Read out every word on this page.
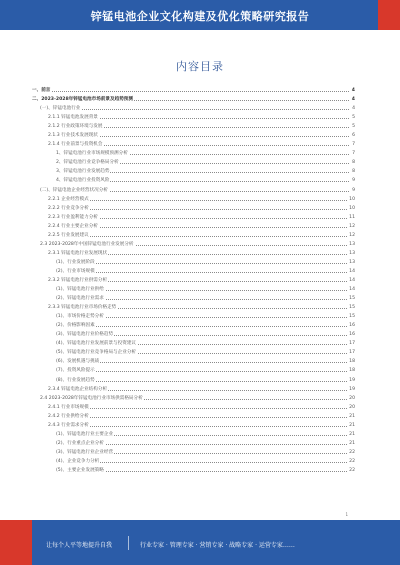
锌锰电池企业文化构建及优化策略研究报告
内容目录
一、前言	4
二、2023-2028年锌锰电池市场前景及趋势预测	4
(一)、锌锰电池行业	4
2.1.1 锌锰电池发展背景	5
2.1.2 行业政策环境与发展	5
2.1.3 行业技术发展现状	6
2.1.4 行业前景与投资机会	7
1、锌锰电池行业市场规模预测分析	7
2、锌锰电池行业竞争格局分析	8
3、锌锰电池行业发展趋势	8
4、锌锰电池行业投资风险	9
(二)、锌锰电池企业经营状况分析	9
2.2.1 企业经营模式	10
2.2.2 行业竞争分析	10
2.2.3 行业盈利能力分析	11
2.2.4 行业主要企业分析	12
2.2.5 行业发展建议	12
2.3 2023-2028年中国锌锰电池行业发展分析	13
2.3.1 锌锰电池行业发展现状	13
(1)、行业发展阶段	13
(2)、行业市场规模	14
2.3.2 锌锰电池行业供需分析	14
(1)、锌锰电池行业供给	14
(2)、锌锰电池行业需求	15
2.3.3 锌锰电池行业市场价格走势	15
(1)、市场价格走势分析	15
(2)、价格影响因素	16
(3)、锌锰电池行业价格趋势	16
(4)、锌锰电池行业发展前景与投资建议	17
(5)、锌锰电池行业竞争格局与企业分析	17
(6)、发展机遇与挑战	18
(7)、投资风险提示	18
(8)、行业发展趋势	19
2.3.4 锌锰电池企业结构分析	19
2.4 2023-2028年锌锰电池行业市场供需格局分析	20
2.4.1 行业市场规模	20
2.4.2 行业供给分析	21
2.4.3 行业需求分析	21
(1)、锌锰电池行业主要企业	21
(2)、行业重点企业分析	21
(3)、锌锰电池行业企业经营	22
(4)、企业竞争力分析	22
(5)、主要企业发展策略	22
1
让每个人平等地提升自我	行业专家 · 管理专家 · 营销专家 · 战略专家 · 运营专家……
